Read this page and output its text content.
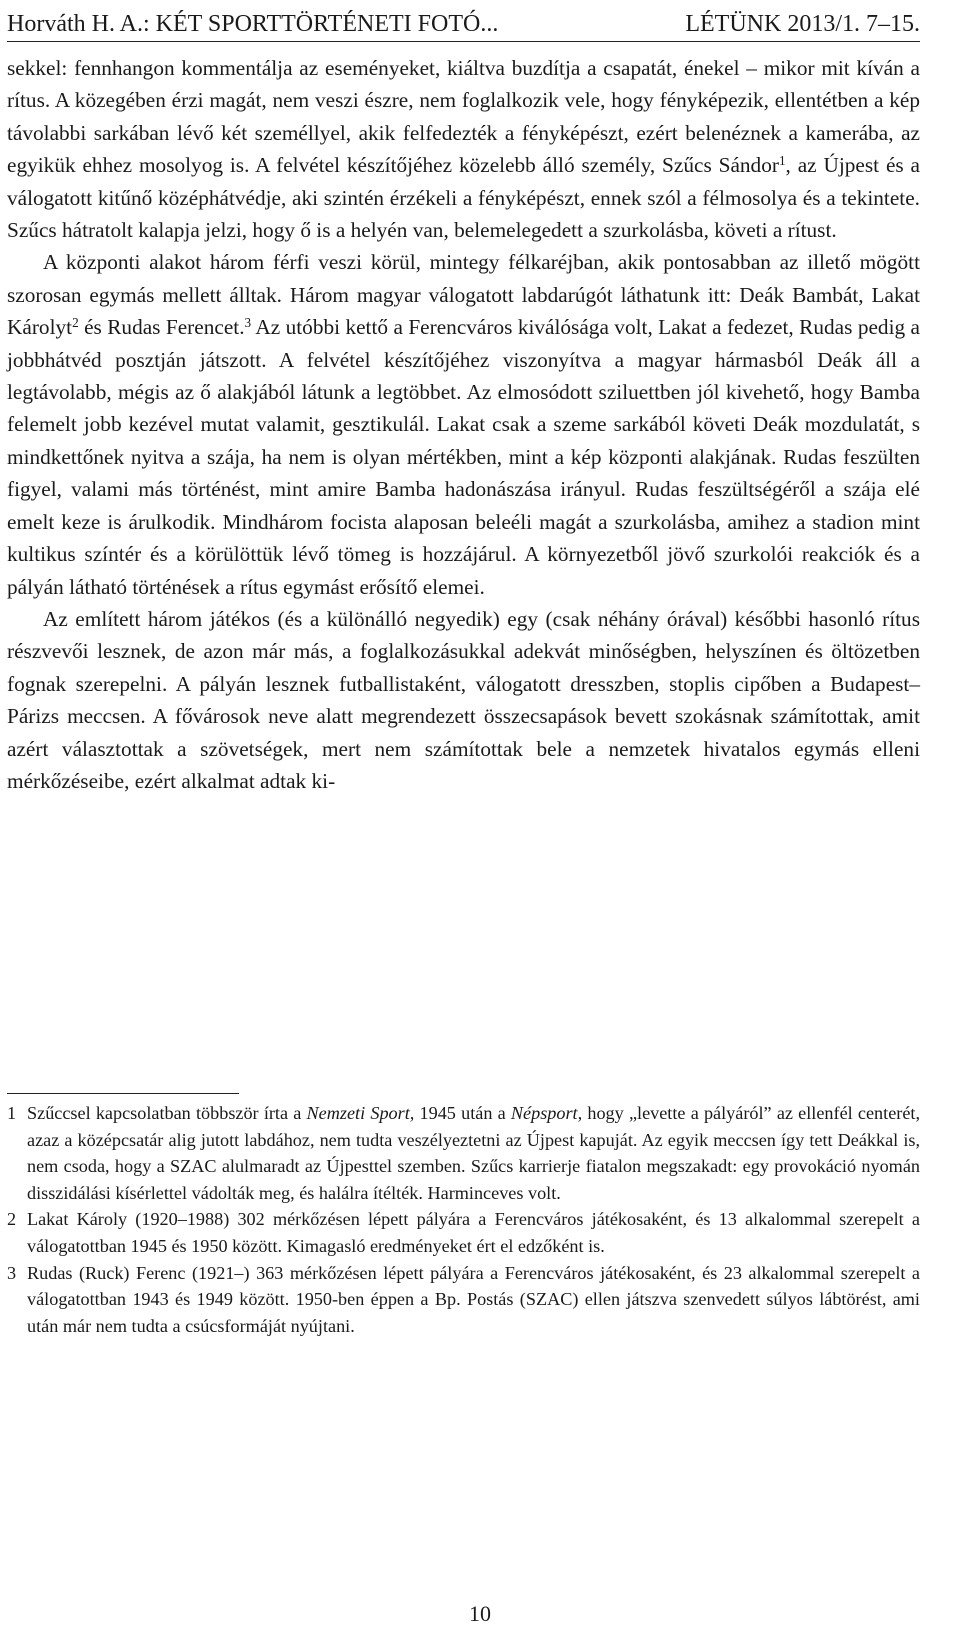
Horváth H. A.: KÉT SPORTTÖRTÉNETI FOTÓ...	LÉTÜNK 2013/1. 7–15.

sekkel: fennhangon kommentálja az eseményeket, kiáltva buzdítja a csapatát, énekel – mikor mit kíván a rítus. A közegében érzi magát, nem veszi észre, nem foglalkozik vele, hogy fényképezik, ellentétben a kép távolabbi sarkában lévő két személlyel, akik felfedezték a fényképészt, ezért belenéznek a kamerába, az egyikük ehhez mosolyog is. A felvétel készítőjéhez közelebb álló személy, Szűcs Sándor$^1$, az Újpest és a válogatott kitűnő középhátvédje, aki szintén érzékeli a fényképészt, ennek szól a félmosolya és a tekintete. Szűcs hátratolt kalapja jelzi, hogy ő is a helyén van, belemelegedett a szurkolásba, követi a rítust.

A központi alakot három férfi veszi körül, mintegy félkaréjban, akik pontosabban az illető mögött szorosan egymás mellett álltak. Három magyar válogatott labdarúgót láthatunk itt: Deák Bambát, Lakat Károlyt$^2$ és Rudas Ferencet.$^3$ Az utóbbi kettő a Ferencváros kiválósága volt, Lakat a fedezet, Rudas pedig a jobbhátvéd posztján játszott. A felvétel készítőjéhez viszonyítva a magyar hármasból Deák áll a legtávolabb, mégis az ő alakjából látunk a legtöbbet. Az elmosódott sziluettben jól kivehető, hogy Bamba felemelt jobb kezével mutat valamit, gesztikulál. Lakat csak a szeme sarkából követi Deák mozdulatát, s mindkettőnek nyitva a szája, ha nem is olyan mértékben, mint a kép központi alakjának. Rudas feszülten figyel, valami más történést, mint amire Bamba hadonászása irányul. Rudas feszültségéről a szája elé emelt keze is árulkodik. Mindhárom focista alaposan beleéli magát a szurkolásba, amihez a stadion mint kultikus színtér és a körülöttük lévő tömeg is hozzájárul. A környezetből jövő szurkolói reakciók és a pályán látható történések a rítus egymást erősítő elemei.

Az említett három játékos (és a különálló negyedik) egy (csak néhány órával) későbbi hasonló rítus részvevői lesznek, de azon már más, a foglalkozásukkal adekvát minőségben, helyszínen és öltözetben fognak szerepelni. A pályán lesznek futballistaként, válogatott dresszben, stoplis cipőben a Budapest–Párizs meccsen. A fővárosok neve alatt megrendezett összecsapások bevett szokásnak számítottak, amit azért választottak a szövetségek, mert nem számítottak bele a nemzetek hivatalos egymás elleni mérkőzéseibe, ezért alkalmat adtak ki-

1 Szűccsel kapcsolatban többször írta a Nemzeti Sport, 1945 után a Népsport, hogy „levette a pályáról” az ellenfél centerét, azaz a középcsatár alig jutott labdához, nem tudta veszélyeztetni az Újpest kapuját. Az egyik meccsen így tett Deákkal is, nem csoda, hogy a SZAC alulmaradt az Újpesttel szemben. Szűcs karrierje fiatalon megszakadt: egy provokáció nyomán disszidálási kísérlettel vádolták meg, és halálra ítélték. Harminceves volt.

2 Lakat Károly (1920–1988) 302 mérkőzésen lépett pályára a Ferencváros játékosaként, és 13 alkalommal szerepelt a válogatottban 1945 és 1950 között. Kimagasló eredményeket ért el edzőként is.

3 Rudas (Ruck) Ferenc (1921–) 363 mérkőzésen lépett pályára a Ferencváros játékosaként, és 23 alkalommal szerepelt a válogatottban 1943 és 1949 között. 1950-ben éppen a Bp. Postás (SZAC) ellen játszva szenvedett súlyos lábtörést, ami után már nem tudta a csúcsformáját nyújtani.

10
